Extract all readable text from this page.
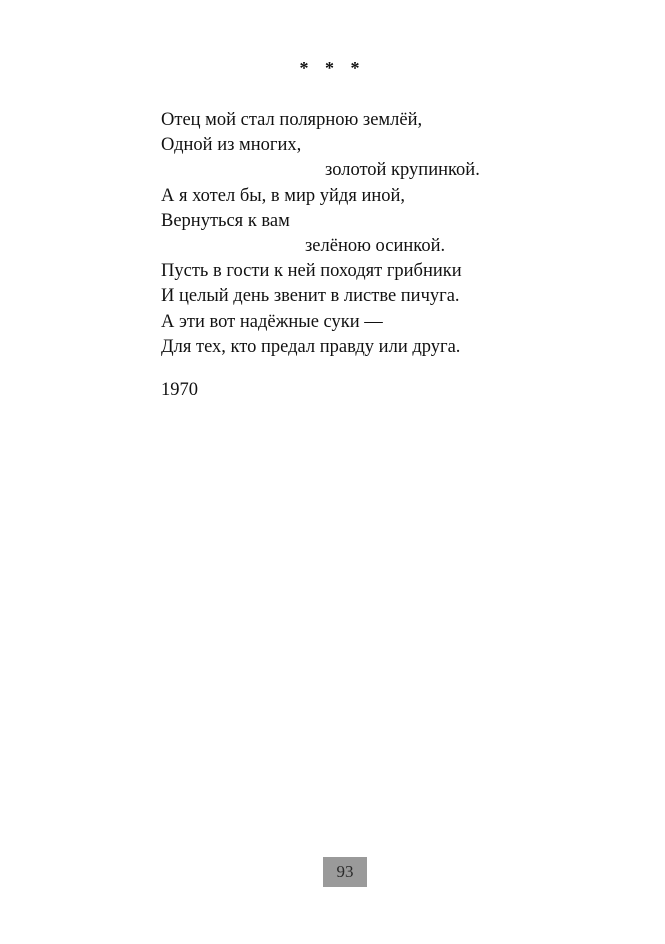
* * *
Отец мой стал полярною землёй,
Одной из многих,
золотой крупинкой.
А я хотел бы, в мир уйдя иной,
Вернуться к вам
зелёною осинкой.
Пусть в гости к ней походят грибники
И целый день звенит в листве пичуга.
А эти вот надёжные суки —
Для тех, кто предал правду или друга.
1970
93
